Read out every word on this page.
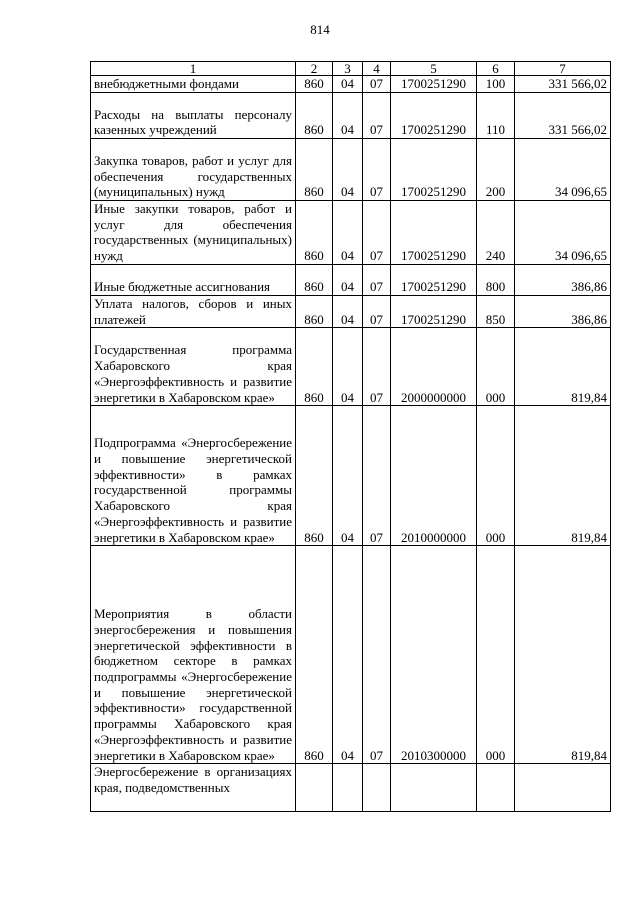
814
1	2	3	4	5	6	7
внебюджетными фондами	860	04	07	1700251290	100	331 566,02
Расходы на выплаты персоналу казенных учреждений	860	04	07	1700251290	110	331 566,02
Закупка товаров, работ и услуг для обеспечения государственных (муниципальных) нужд	860	04	07	1700251290	200	34 096,65
Иные закупки товаров, работ и услуг для обеспечения государственных (муниципальных) нужд	860	04	07	1700251290	240	34 096,65
Иные бюджетные ассигнования	860	04	07	1700251290	800	386,86
Уплата налогов, сборов и иных платежей	860	04	07	1700251290	850	386,86
Государственная программа Хабаровского края «Энергоэффективность и развитие энергетики в Хабаровском крае»	860	04	07	2000000000	000	819,84
Подпрограмма «Энергосбережение и повышение энергетической эффективности» в рамках государственной программы Хабаровского края «Энергоэффективность и развитие энергетики в Хабаровском крае»	860	04	07	2010000000	000	819,84
Мероприятия в области энергосбережения и повышения энергетической эффективности в бюджетном секторе в рамках подпрограммы «Энергосбережение и повышение энергетической эффективности» государственной программы Хабаровского края «Энергоэффективность и развитие энергетики в Хабаровском крае»	860	04	07	2010300000	000	819,84
Энергосбережение в организациях края, подведомственных						
